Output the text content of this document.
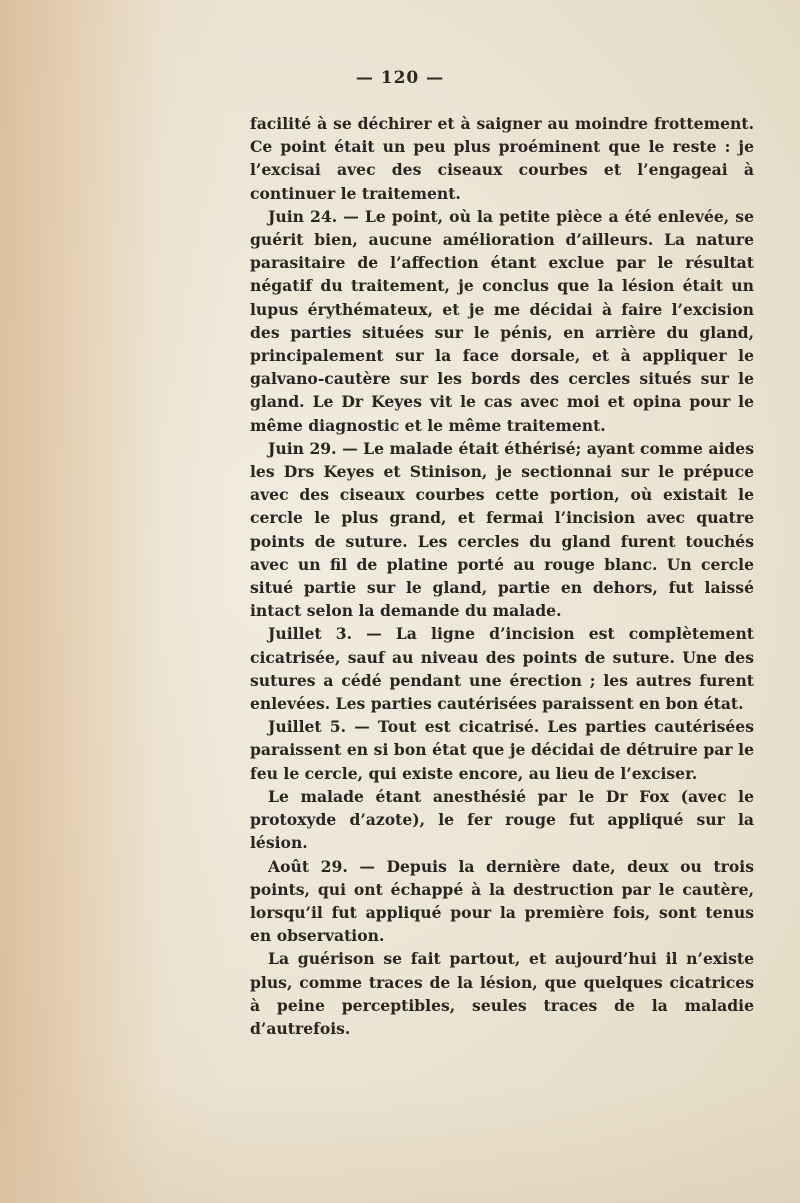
— 120 —

facilité à se déchirer et à saigner au moindre frottement. Ce point était un peu plus proéminent que le reste : je l’excisai avec des ciseaux courbes et l’engageai à continuer le traitement.

Juin 24. — Le point, où la petite pièce a été enlevée, se guérit bien, aucune amélioration d’ailleurs. La nature parasitaire de l’affection étant exclue par le résultat négatif du traitement, je conclus que la lésion était un lupus érythémateux, et je me décidai à faire l’excision des parties situées sur le pénis, en arrière du gland, principalement sur la face dorsale, et à appliquer le galvano-cautère sur les bords des cercles situés sur le gland. Le Dr Keyes vit le cas avec moi et opina pour le même diagnostic et le même traitement.

Juin 29. — Le malade était éthérisé; ayant comme aides les Drs Keyes et Stinison, je sectionnai sur le prépuce avec des ciseaux courbes cette portion, où existait le cercle le plus grand, et fermai l’incision avec quatre points de suture. Les cercles du gland furent touchés avec un fil de platine porté au rouge blanc. Un cercle situé partie sur le gland, partie en dehors, fut laissé intact selon la demande du malade.

Juillet 3. — La ligne d’incision est complètement cicatrisée, sauf au niveau des points de suture. Une des sutures a cédé pendant une érection ; les autres furent enlevées. Les parties cautérisées paraissent en bon état.

Juillet 5. — Tout est cicatrisé. Les parties cautérisées paraissent en si bon état que je décidai de détruire par le feu le cercle, qui existe encore, au lieu de l’exciser.

Le malade étant anesthésié par le Dr Fox (avec le protoxyde d’azote), le fer rouge fut appliqué sur la lésion.

Août 29. — Depuis la dernière date, deux ou trois points, qui ont échappé à la destruction par le cautère, lorsqu’il fut appliqué pour la première fois, sont tenus en observation.

La guérison se fait partout, et aujourd’hui il n’existe plus, comme traces de la lésion, que quelques cicatrices à peine perceptibles, seules traces de la maladie d’autrefois.
